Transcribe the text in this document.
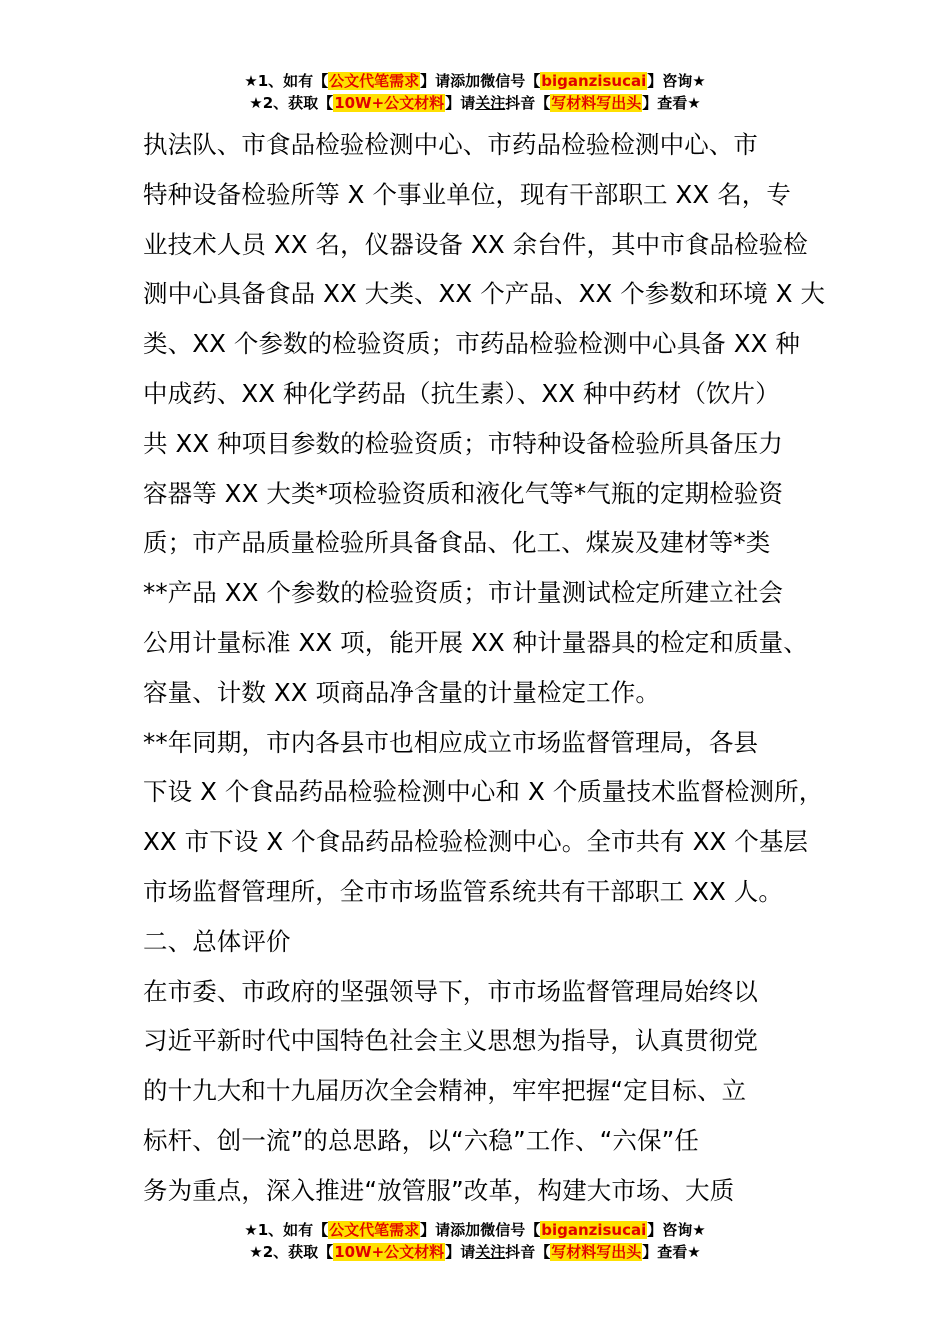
★1、如有【公文代笔需求】请添加微信号【biganzisucai】咨询★
★2、获取【10W+公文材料】请关注抖音【写材料写出头】查看★
执法队、市食品检验检测中心、市药品检验检测中心、市
特种设备检验所等 X 个事业单位，现有干部职工 XX 名，专
业技术人员 XX 名，仪器设备 XX 余台件，其中市食品检验检
测中心具备食品 XX 大类、XX 个产品、XX 个参数和环境 X 大
类、XX 个参数的检验资质；市药品检验检测中心具备 XX 种
中成药、XX 种化学药品（抗生素）、XX 种中药材（饮片）
共 XX 种项目参数的检验资质；市特种设备检验所具备压力
容器等 XX 大类*项检验资质和液化气等*气瓶的定期检验资
质；市产品质量检验所具备食品、化工、煤炭及建材等*类
**产品 XX 个参数的检验资质；市计量测试检定所建立社会
公用计量标准 XX 项，能开展 XX 种计量器具的检定和质量、
容量、计数 XX 项商品净含量的计量检定工作。
**年同期，市内各县市也相应成立市场监督管理局，各县
下设 X 个食品药品检验检测中心和 X 个质量技术监督检测所，
XX 市下设 X 个食品药品检验检测中心。全市共有 XX 个基层
市场监督管理所，全市市场监管系统共有干部职工 XX 人。
二、总体评价
在市委、市政府的坚强领导下，市市场监督管理局始终以
习近平新时代中国特色社会主义思想为指导，认真贯彻党
的十九大和十九届历次全会精神，牢牢把握“定目标、立
标杆、创一流”的总思路，以“六稳”工作、“六保”任
务为重点，深入推进“放管服”改革，构建大市场、大质
★1、如有【公文代笔需求】请添加微信号【biganzisucai】咨询★
★2、获取【10W+公文材料】请关注抖音【写材料写出头】查看★
